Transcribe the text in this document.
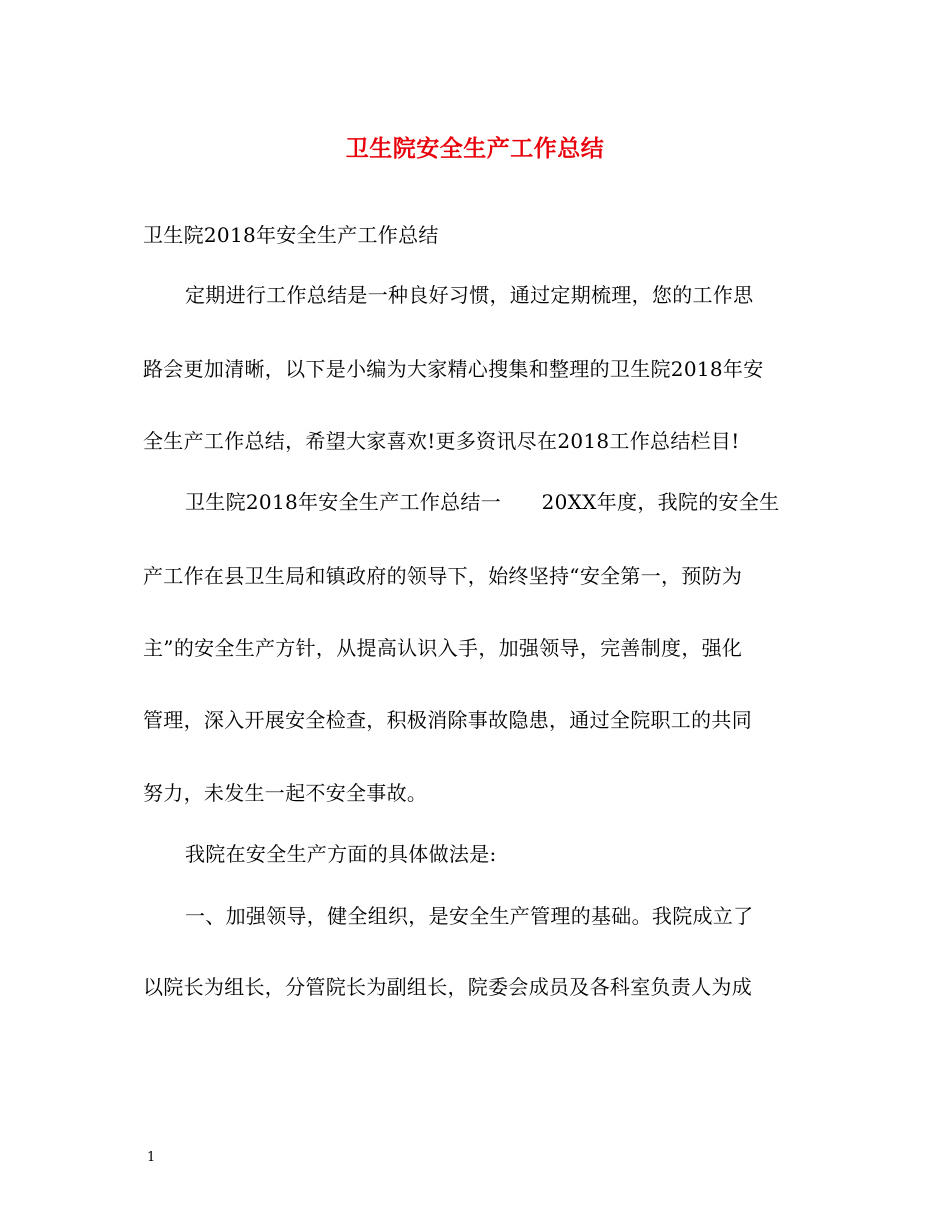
卫生院安全生产工作总结
卫生院2018年安全生产工作总结
定期进行工作总结是一种良好习惯，通过定期梳理，您的工作思
路会更加清晰，以下是小编为大家精心搜集和整理的卫生院2018年安
全生产工作总结，希望大家喜欢!更多资讯尽在2018工作总结栏目!
卫生院2018年安全生产工作总结一　　20XX年度，我院的安全生
产工作在县卫生局和镇政府的领导下，始终坚持“安全第一，预防为
主”的安全生产方针，从提高认识入手，加强领导，完善制度，强化
管理，深入开展安全检查，积极消除事故隐患，通过全院职工的共同
努力，未发生一起不安全事故。
我院在安全生产方面的具体做法是:
一、加强领导，健全组织，是安全生产管理的基础。我院成立了
以院长为组长，分管院长为副组长，院委会成员及各科室负责人为成
1
